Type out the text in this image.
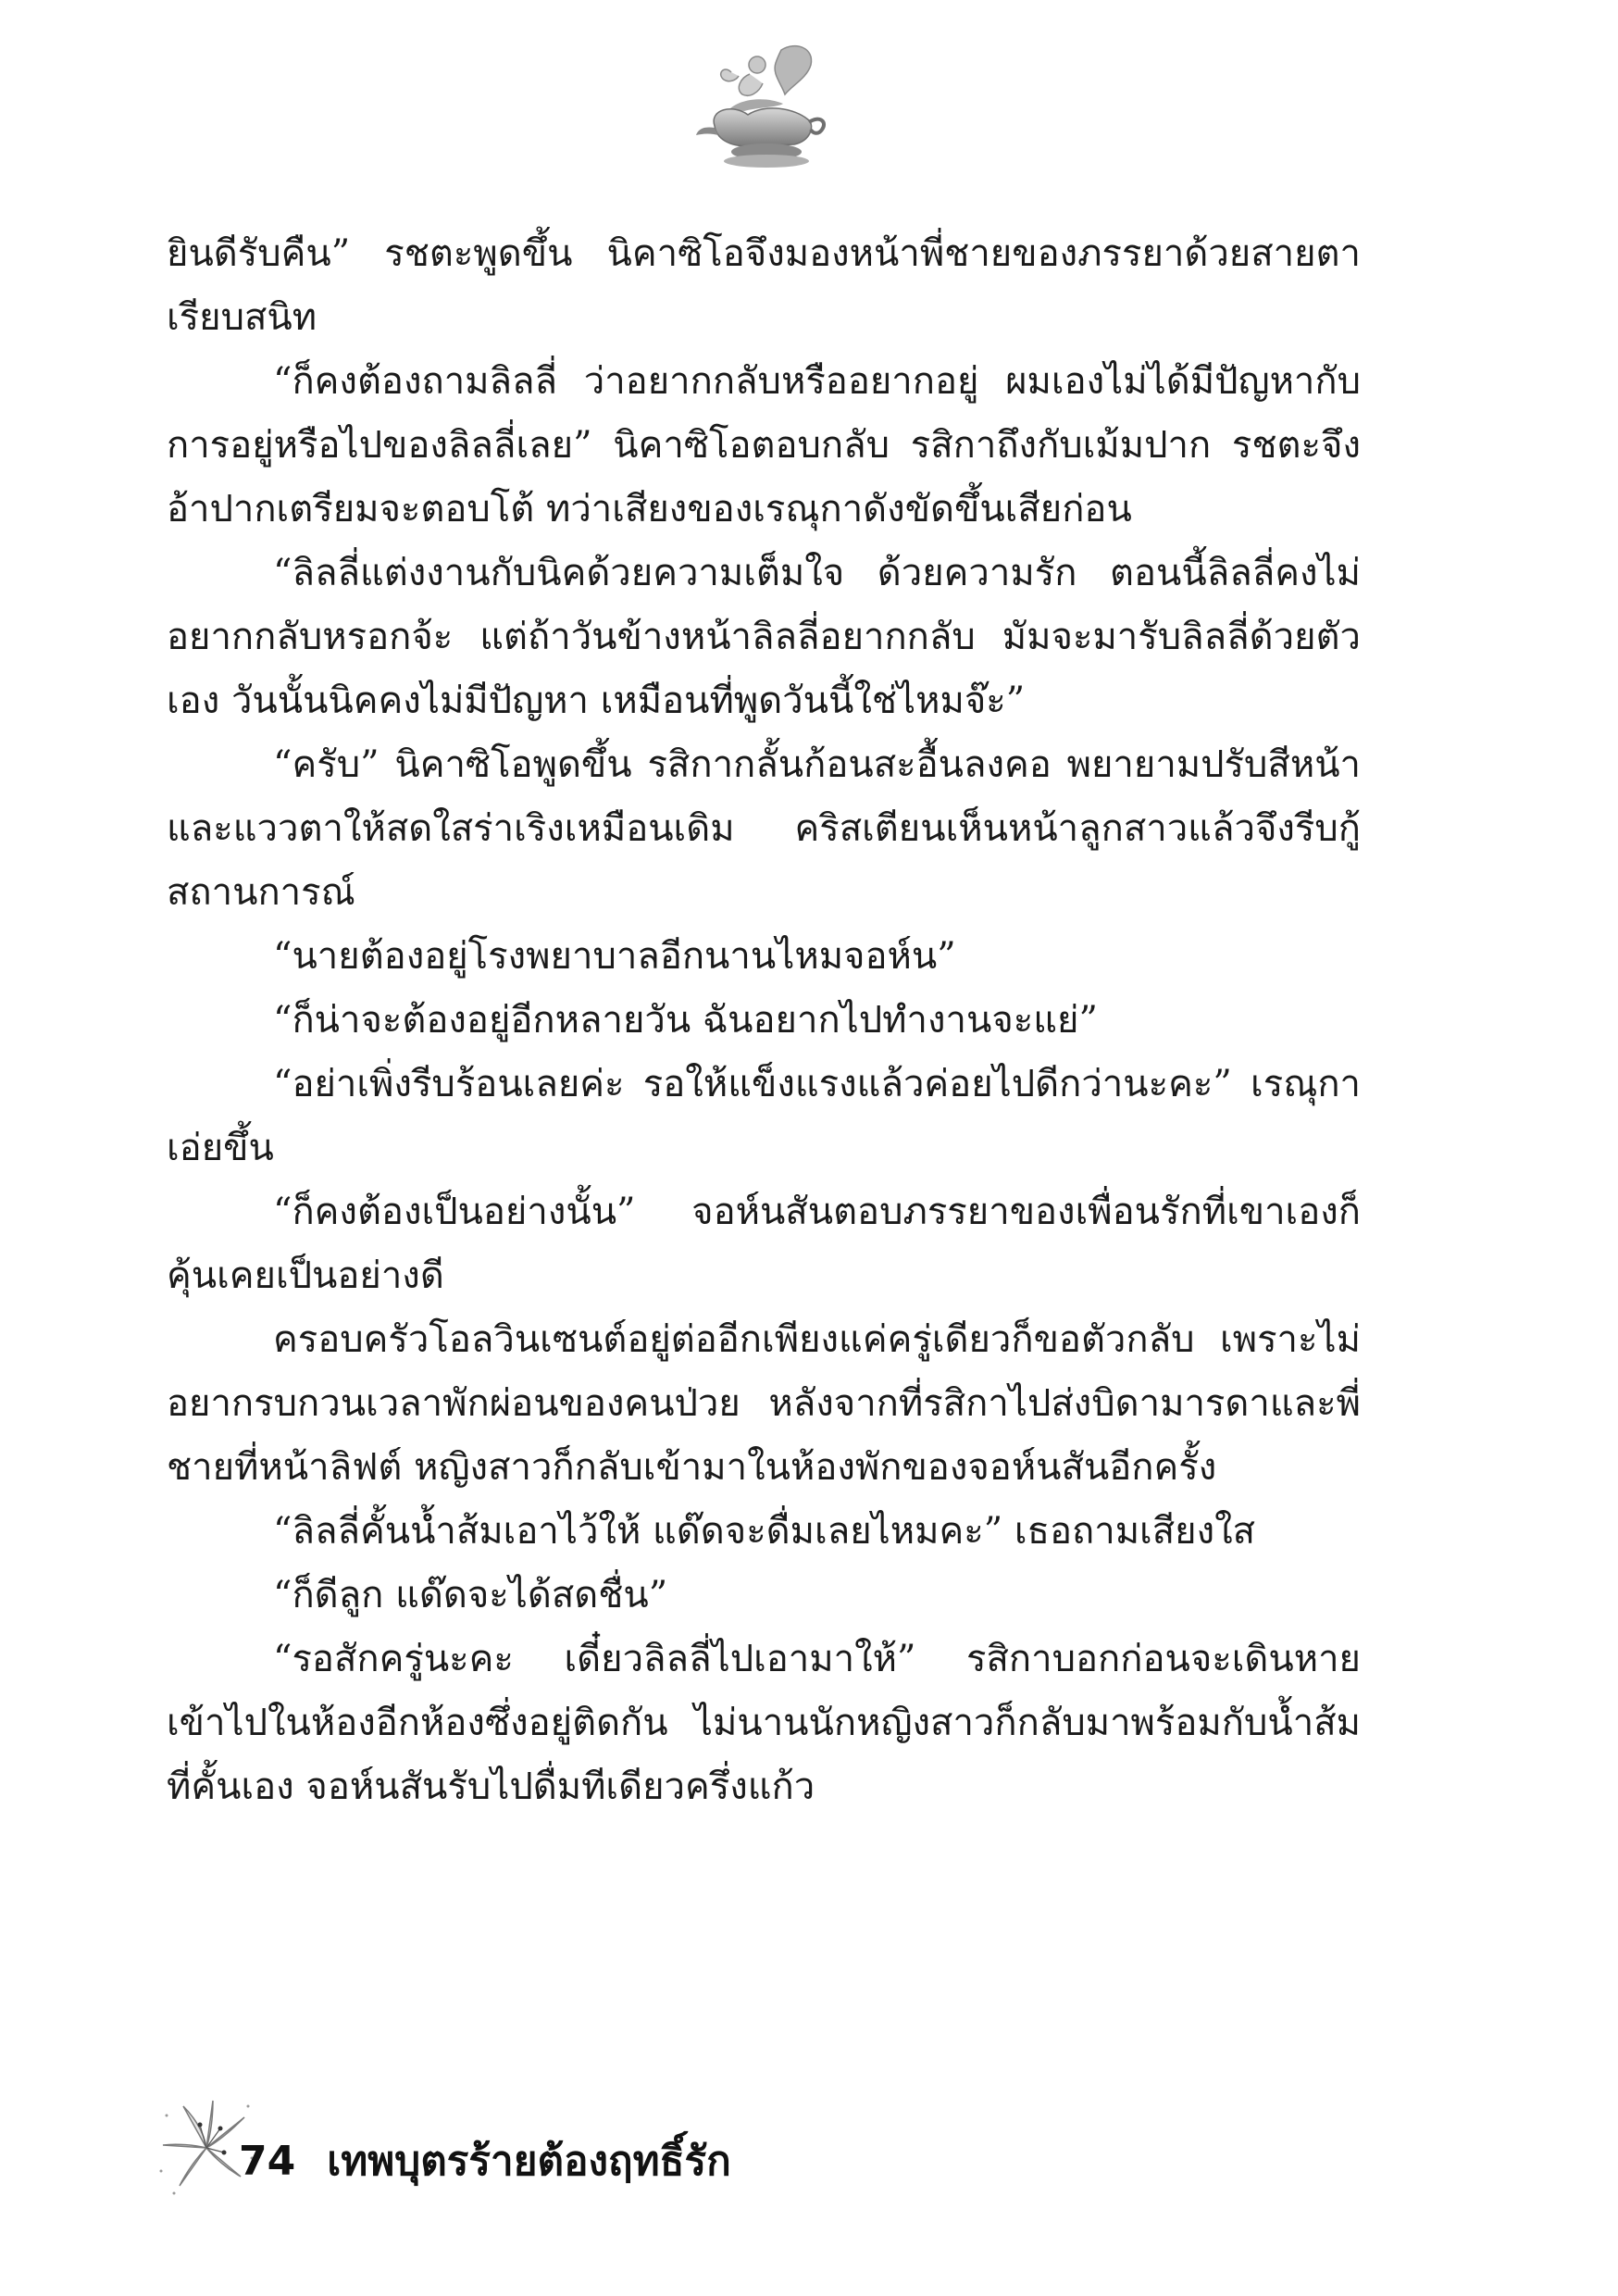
ยินดีรับคืน” รชตะพูดขึ้น นิคาซิโอจึงมองหน้าพี่ชายของภรรยาด้วยสายตาเรียบสนิท

“ก็คงต้องถามลิลลี่ ว่าอยากกลับหรืออยากอยู่ ผมเองไม่ได้มีปัญหากับการอยู่หรือไปของลิลลี่เลย” นิคาซิโอตอบกลับ รสิกาถึงกับเม้มปาก รชตะจึงอ้าปากเตรียมจะตอบโต้ ทว่าเสียงของเรณุกาดังขัดขึ้นเสียก่อน

“ลิลลี่แต่งงานกับนิคด้วยความเต็มใจ ด้วยความรัก ตอนนี้ลิลลี่คงไม่อยากกลับหรอกจ้ะ แต่ถ้าวันข้างหน้าลิลลี่อยากกลับ มัมจะมารับลิลลี่ด้วยตัวเอง วันนั้นนิคคงไม่มีปัญหา เหมือนที่พูดวันนี้ใช่ไหมจ๊ะ”

“ครับ” นิคาซิโอพูดขึ้น รสิกากลั้นก้อนสะอื้นลงคอ พยายามปรับสีหน้าและแววตาให้สดใสร่าเริงเหมือนเดิม คริสเตียนเห็นหน้าลูกสาวแล้วจึงรีบกู้สถานการณ์

“นายต้องอยู่โรงพยาบาลอีกนานไหมจอห์น”

“ก็น่าจะต้องอยู่อีกหลายวัน ฉันอยากไปทำงานจะแย่”

“อย่าเพิ่งรีบร้อนเลยค่ะ รอให้แข็งแรงแล้วค่อยไปดีกว่านะคะ” เรณุกาเอ่ยขึ้น

“ก็คงต้องเป็นอย่างนั้น” จอห์นสันตอบภรรยาของเพื่อนรักที่เขาเองก็คุ้นเคยเป็นอย่างดี

ครอบครัวโอลวินเซนต์อยู่ต่ออีกเพียงแค่ครู่เดียวก็ขอตัวกลับ เพราะไม่อยากรบกวนเวลาพักผ่อนของคนป่วย หลังจากที่รสิกาไปส่งบิดามารดาและพี่ชายที่หน้าลิฟต์ หญิงสาวก็กลับเข้ามาในห้องพักของจอห์นสันอีกครั้ง

“ลิลลี่คั้นน้ำส้มเอาไว้ให้ แด๊ดจะดื่มเลยไหมคะ” เธอถามเสียงใส

“ก็ดีลูก แด๊ดจะได้สดชื่น”

“รอสักครู่นะคะ เดี๋ยวลิลลี่ไปเอามาให้” รสิกาบอกก่อนจะเดินหายเข้าไปในห้องอีกห้องซึ่งอยู่ติดกัน ไม่นานนักหญิงสาวก็กลับมาพร้อมกับน้ำส้มที่คั้นเอง จอห์นสันรับไปดื่มทีเดียวครึ่งแก้ว

74 เทพบุตรร้ายต้องฤทธิ์รัก
